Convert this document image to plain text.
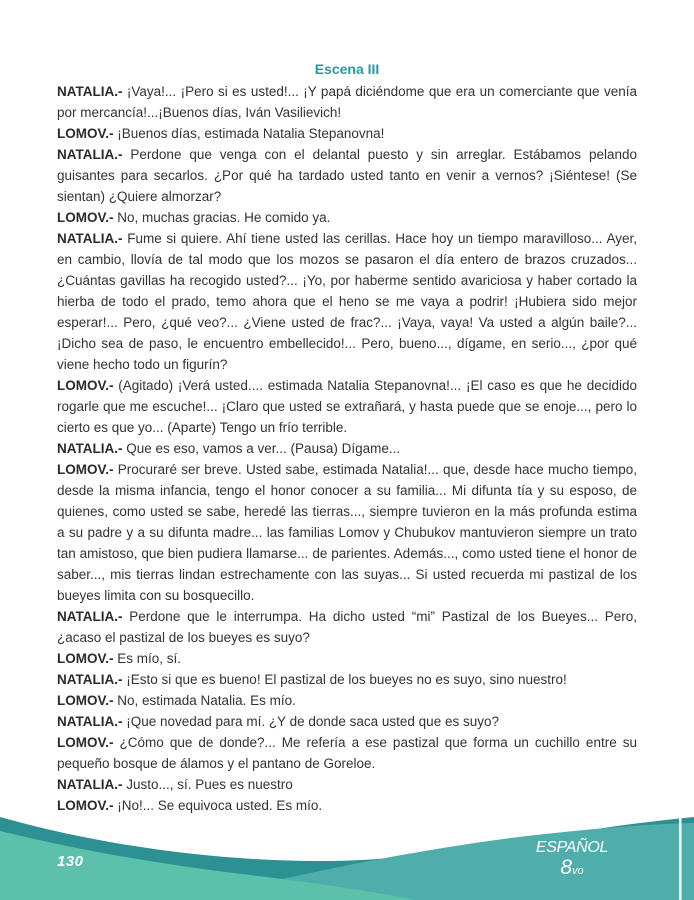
Escena III

NATALIA.- ¡Vaya!... ¡Pero si es usted!... ¡Y papá diciéndome que era un comerciante que venía por mercancía!...¡Buenos días, Iván Vasilievich!

LOMOV.- ¡Buenos días, estimada Natalia Stepanovna!

NATALIA.- Perdone que venga con el delantal puesto y sin arreglar. Estábamos pelando guisantes para secarlos. ¿Por qué ha tardado usted tanto en venir a vernos? ¡Siéntese! (Se sientan) ¿Quiere almorzar?

LOMOV.- No, muchas gracias. He comido ya.

NATALIA.- Fume si quiere. Ahí tiene usted las cerillas. Hace hoy un tiempo maravilloso... Ayer, en cambio, llovía de tal modo que los mozos se pasaron el día entero de brazos cruzados... ¿Cuántas gavillas ha recogido usted?... ¡Yo, por haberme sentido avariciosa y haber cortado la hierba de todo el prado, temo ahora que el heno se me vaya a podrir! ¡Hubiera sido mejor esperar!... Pero, ¿qué veo?... ¿Viene usted de frac?... ¡Vaya, vaya! Va usted a algún baile?... ¡Dicho sea de paso, le encuentro embellecido!... Pero, bueno..., dígame, en serio..., ¿por qué viene hecho todo un figurín?

LOMOV.- (Agitado) ¡Verá usted.... estimada Natalia Stepanovna!... ¡El caso es que he decidido rogarle que me escuche!... ¡Claro que usted se extrañará, y hasta puede que se enoje..., pero lo cierto es que yo... (Aparte) Tengo un frío terrible.

NATALIA.- Que es eso, vamos a ver... (Pausa) Dígame...

LOMOV.- Procuraré ser breve. Usted sabe, estimada Natalia!... que, desde hace mucho tiempo, desde la misma infancia, tengo el honor conocer a su familia... Mi difunta tía y su esposo, de quienes, como usted se sabe, heredé las tierras..., siempre tuvieron en la más profunda estima a su padre y a su difunta madre... las familias Lomov y Chubukov mantuvieron siempre un trato tan amistoso, que bien pudiera llamarse... de parientes. Además..., como usted tiene el honor de saber..., mis tierras lindan estrechamente con las suyas... Si usted recuerda mi pastizal de los bueyes limita con su bosquecillo.

NATALIA.- Perdone que le interrumpa. Ha dicho usted “mi” Pastizal de los Bueyes... Pero, ¿acaso el pastizal de los bueyes es suyo?

LOMOV.- Es mío, sí.

NATALIA.- ¡Esto si que es bueno! El pastizal de los bueyes no es suyo, sino nuestro!

LOMOV.- No, estimada Natalia. Es mío.

NATALIA.- ¡Que novedad para mí. ¿Y de donde saca usted que es suyo?

LOMOV.- ¿Cómo que de donde?... Me refería a ese pastizal que forma un cuchillo entre su pequeño bosque de álamos y el pantano de Goreloe.

NATALIA.- Justo..., sí. Pues es nuestro

LOMOV.- ¡No!... Se equivoca usted. Es mío.

130
ESPAÑOL
8vo
